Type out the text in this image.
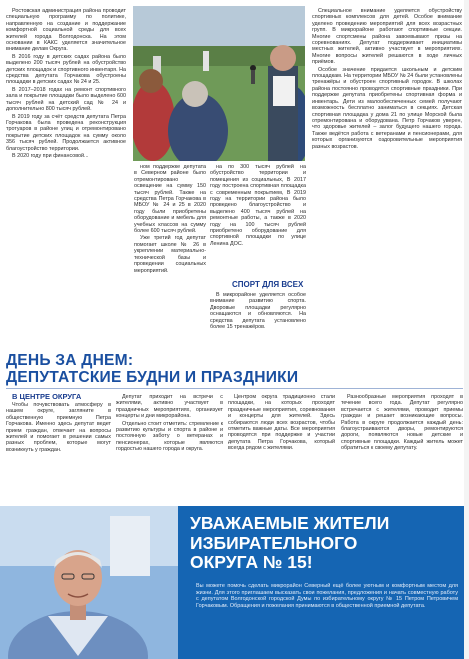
Ростовская администрация района проводит специальную программу по политике, направленную на создание и поддержание комфортной социальной среды для всех жителей города Волгодонска. На этом основании в КАКС уделяется значительное внимание делам Округа.

В 2016 году в детских садах района было выделено 200 тысяч рублей на обустройство детских площадок и спортивного инвентаря. На средства депутата Горчакова обустроены площадки в детских садах № 24 и 25.

В 2017–2018 годах на ремонт спортивного зала и покрытие площадки было выделено 600 тысяч рублей на детский сад № 24 и дополнительно 800 тысяч рублей.

В 2019 году за счёт средств депутата Петра Горчакова была проведена реконструкция тротуаров в районе улиц и отремонтировано покрытие детских площадок на сумму около 356 тысяч рублей. Продолжается активное благоустройство территории.

В 2020 году при финансовой...

ном поддержке депутата в Северном районе было отремонтировано освещение на сумму 150 тысяч рублей. Также на средства Петра Горчакова в МБОУ № 24 и 25 в 2020 году были приобретены оборудование и мебель для учебных классов на сумму более 600 тысяч рублей.

Уже третий год депутат помогает школе № 26 в укреплении материально-технической базы и проведении социальных мероприятий.

на по 300 тысяч рублей на обустройство территории и помещения из социальных, В 2017 году построена спортивная площадка с современным покрытием, В 2019 году на территории района было проведено благоустройство и выделено 400 тысяч рублей на ремонтные работы, а также в 2020 году на 100 тысяч рублей приобретено оборудование для спортивной площадки по улице Ленина ДОС.

СПОРТ ДЛЯ ВСЕХ

В микрорайоне уделяется особое внимание развитию спорта. Дворовые площадки регулярно оснащаются и обновляются. На средства депутата установлено более 15 тренажёров.

Специальное внимание уделяется обустройству спортивных комплексов для детей. Особое внимание уделено проведению мероприятий для всех возрастных групп. В микрорайоне работают спортивные секции. Многие спортсмены района завоевывают призы на соревнованиях. Депутат поддерживает инициативы местных жителей, активно участвует в мероприятиях. Многие вопросы жителей решаются в ходе личных приёмов.

Особое значение придается школьным и детским площадкам. На территории МБОУ № 24 были установлены тренажёры и обустроен спортивный городок. В школах района постоянно проводятся спортивные праздники. При поддержке депутата приобретены спортивная форма и инвентарь. Дети из малообеспеченных семей получают возможность бесплатно заниматься в секциях. Детская спортивная площадка у дома 21 по улице Морской была отремонтирована и оборудована. Петр Горчаков уверен, что здоровье жителей – залог будущего нашего города. Также ведётся работа с ветеранами и пенсионерами, для которых организуются оздоровительные мероприятия разных возрастов.

ДЕНЬ ЗА ДНЕМ:
ДЕПУТАТСКИЕ БУДНИ И ПРАЗДНИКИ
В ЦЕНТРЕ ОКРУГА

Чтобы почувствовать атмосферу в нашем округе, загляните в общественную приемную Петра Горчакова. Именно здесь депутат ведет прием граждан, отвечает на вопросы жителей и помогает в решении самых разных проблем, которые могут возникнуть у граждан.

Депутат приходит на встречи с жителями, активно участвует в праздничных мероприятиях, организует концерты и дни микрорайона.

Отдельно стоит отметить: стремление к развитию культуры и спорта в районе и постоянную заботу о ветеранах и пенсионерах, которые являются гордостью нашего города и округа.

Центром округа традиционно стали площадки, на которых проходят праздничные мероприятия, соревнования и концерты для жителей. Здесь собираются люди всех возрастов, чтобы отметить важные даты. Все мероприятия проводятся при поддержке и участии депутата Петра Горчакова, который всегда рядом с жителями.

Разнообразные мероприятия проходят в течение всего года. Депутат регулярно встречается с жителями, проводит приемы граждан и решает возникающие вопросы. Работа в округе продолжается каждый день: благоустраиваются дворы, ремонтируются дороги, появляются новые детские и спортивные площадки. Каждый житель может обратиться к своему депутату.

УВАЖАЕМЫЕ ЖИТЕЛИ
ИЗБИРАТЕЛЬНОГО
ОКРУГА № 15!
Вы можете помочь сделать микрорайон Северный ещё более уютным и комфортным местом для жизни. Для этого приглашаем высказать свои пожелания, предложения и начать совместную работу с депутатом Волгодонской городской Думы по избирательному округу № 15 Петром Петровичем Горчаковым. Обращения и пожелания принимаются в общественной приемной депутата.
